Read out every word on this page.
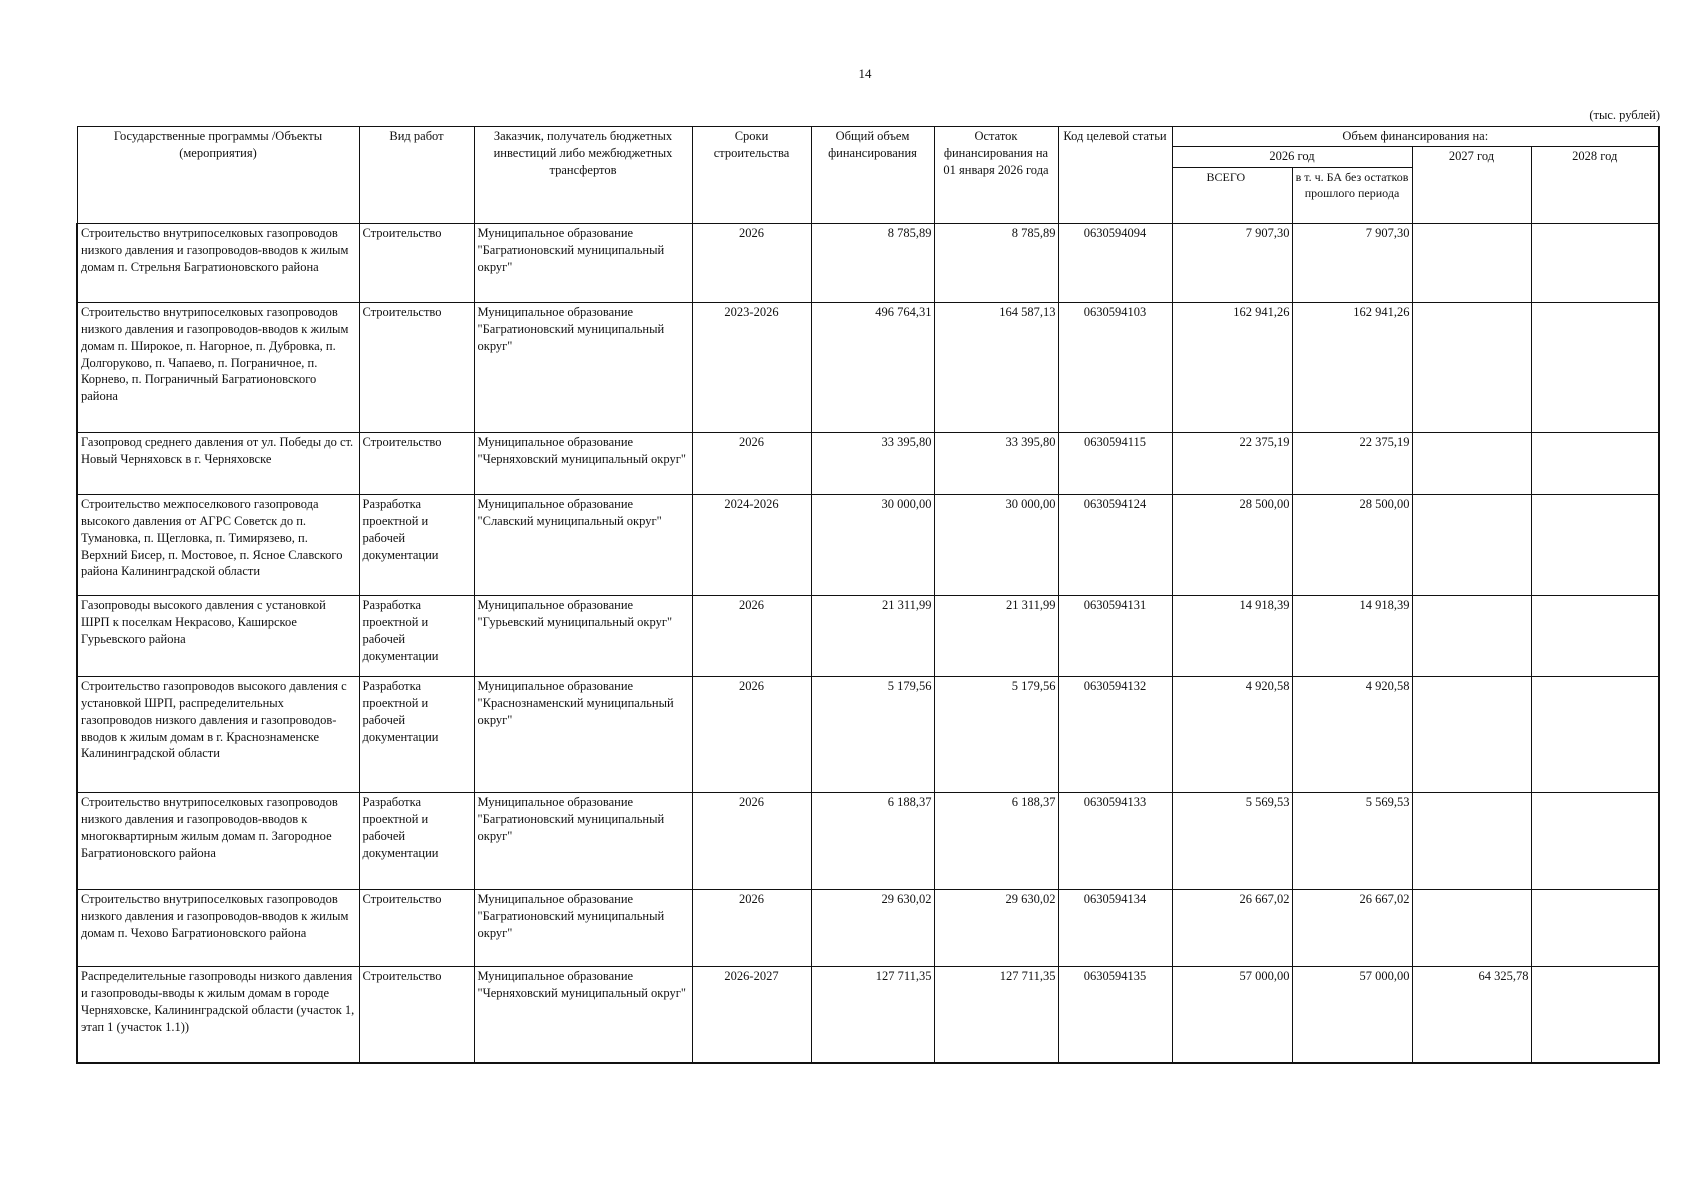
14
(тыс. рублей)
Государственные программы /Объекты (мероприятия)	Вид работ	Заказчик, получатель бюджетных инвестиций либо межбюджетных трансфертов	Сроки строительства	Общий объем финансирования	Остаток финансирования на 01 января 2026 года	Код целевой статьи	Объем финансирования на:			
							2026 год		2027 год	2028 год
							ВСЕГО	в т. ч. БА без остатков прошлого периода		
Строительство внутрипоселковых газопроводов низкого давления и газопроводов-вводов к жилым домам п. Стрельня Багратионовского района	Строительство	Муниципальное образование "Багратионовский муниципальный округ"	2026	8 785,89	8 785,89	0630594094	7 907,30	7 907,30		
Строительство внутрипоселковых газопроводов низкого давления и газопроводов-вводов к жилым домам п. Широкое, п. Нагорное, п. Дубровка, п. Долгоруково, п. Чапаево, п. Пограничное, п. Корнево, п. Пограничный Багратионовского района	Строительство	Муниципальное образование "Багратионовский муниципальный округ"	2023-2026	496 764,31	164 587,13	0630594103	162 941,26	162 941,26		
Газопровод среднего давления от ул. Победы до ст. Новый Черняховск в г. Черняховске	Строительство	Муниципальное образование "Черняховский муниципальный округ"	2026	33 395,80	33 395,80	0630594115	22 375,19	22 375,19		
Строительство межпоселкового газопровода высокого давления от АГРС Советск до п. Тумановка, п. Щегловка, п. Тимирязево, п. Верхний Бисер, п. Мостовое, п. Ясное Славского района Калининградской области	Разработка проектной и рабочей документации	Муниципальное образование "Славский муниципальный округ"	2024-2026	30 000,00	30 000,00	0630594124	28 500,00	28 500,00		
Газопроводы высокого давления с установкой ШРП к поселкам Некрасово, Каширское Гурьевского района	Разработка проектной и рабочей документации	Муниципальное образование "Гурьевский муниципальный округ"	2026	21 311,99	21 311,99	0630594131	14 918,39	14 918,39		
Строительство газопроводов высокого давления с установкой ШРП, распределительных газопроводов низкого давления и газопроводов-вводов к жилым домам в г. Краснознаменске Калининградской области	Разработка проектной и рабочей документации	Муниципальное образование "Краснознаменский муниципальный округ"	2026	5 179,56	5 179,56	0630594132	4 920,58	4 920,58		
Строительство внутрипоселковых газопроводов низкого давления и газопроводов-вводов к многоквартирным жилым домам п. Загородное Багратионовского района	Разработка проектной и рабочей документации	Муниципальное образование "Багратионовский муниципальный округ"	2026	6 188,37	6 188,37	0630594133	5 569,53	5 569,53		
Строительство внутрипоселковых газопроводов низкого давления и газопроводов-вводов к жилым домам п. Чехово Багратионовского района	Строительство	Муниципальное образование "Багратионовский муниципальный округ"	2026	29 630,02	29 630,02	0630594134	26 667,02	26 667,02		
Распределительные газопроводы низкого давления и газопроводы-вводы к жилым домам в городе Черняховске, Калининградской области (участок 1, этап 1 (участок 1.1))	Строительство	Муниципальное образование "Черняховский муниципальный округ"	2026-2027	127 711,35	127 711,35	0630594135	57 000,00	57 000,00	64 325,78	
